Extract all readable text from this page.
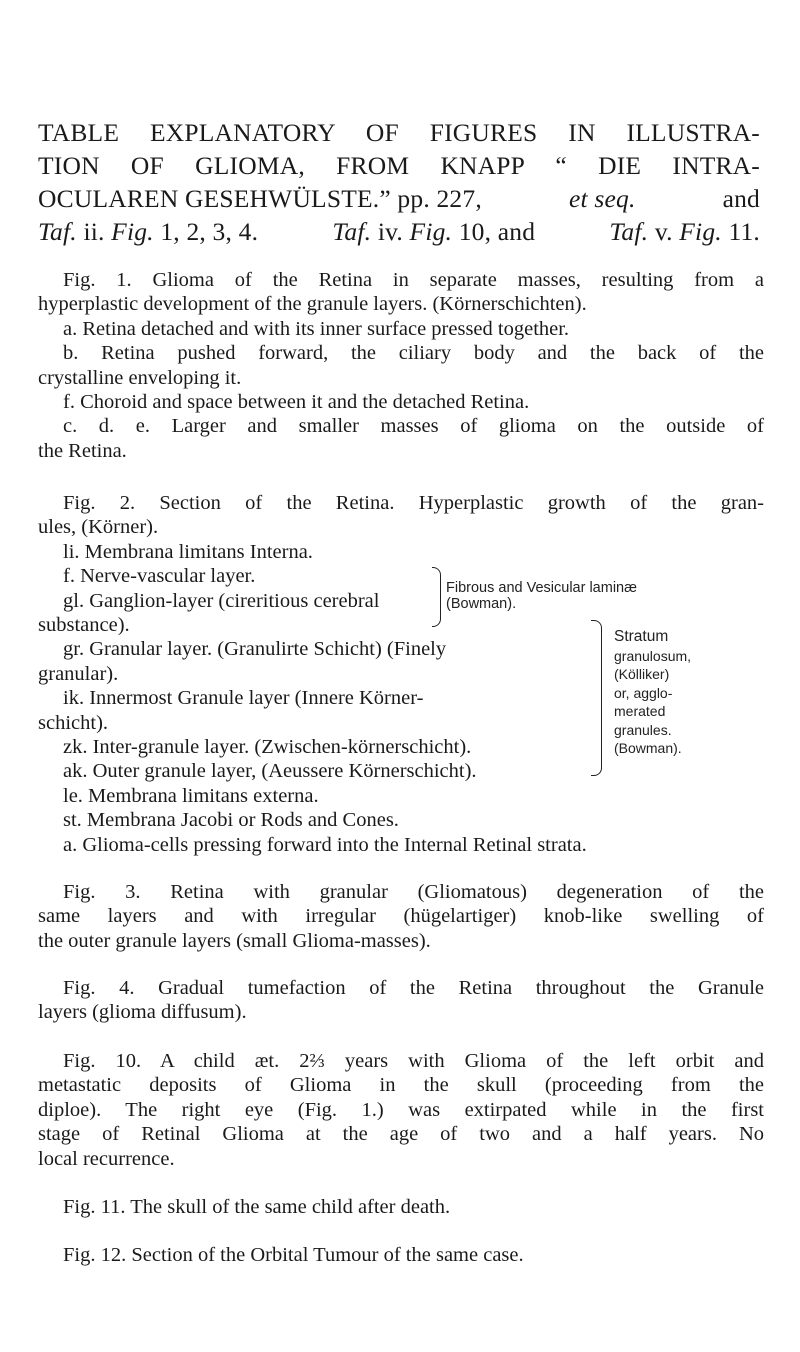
TABLE EXPLANATORY OF FIGURES IN ILLUSTRA-
TION OF GLIOMA, FROM KNAPP “ DIE INTRA-
OCULAREN GESEHWÜLSTE.” pp. 227,	et seq.	and
Taf. ii. Fig. 1, 2, 3, 4.	Taf. iv. Fig. 10, and	Taf. v. Fig. 11.
Fig. 1. Glioma of the Retina in separate masses, resulting from a
hyperplastic development of the granule layers. (Körnerschichten).
a. Retina detached and with its inner surface pressed together.
b. Retina pushed forward, the ciliary body and the back of the
crystalline enveloping it.
f. Choroid and space between it and the detached Retina.
c. d. e. Larger and smaller masses of glioma on the outside of
the Retina.
Fig. 2. Section of the Retina. Hyperplastic growth of the gran-
ules, (Körner).
li. Membrana limitans Interna.
f. Nerve-vascular layer.
gl. Ganglion-layer (cireritious cerebral
substance).
gr. Granular layer. (Granulirte Schicht) (Finely
granular).
ik. Innermost Granule layer (Innere Körner-
schicht).
zk. Inter-granule layer. (Zwischen-körnerschicht).
ak. Outer granule layer, (Aeussere Körnerschicht).
le. Membrana limitans externa.
st. Membrana Jacobi or Rods and Cones.
a. Glioma-cells pressing forward into the Internal Retinal strata.
Fibrous and Vesicular laminæ
(Bowman).
Stratum
granulosum,
(Kölliker)
or, agglo-
merated
granules.
(Bowman).
Fig. 3. Retina with granular (Gliomatous) degeneration of the
same layers and with irregular (hügelartiger) knob-like swelling of
the outer granule layers (small Glioma-masses).
Fig. 4. Gradual tumefaction of the Retina throughout the Granule
layers (glioma diffusum).
Fig. 10. A child æt. 2⅔ years with Glioma of the left orbit and
metastatic deposits of Glioma in the skull (proceeding from the
diploe). The right eye (Fig. 1.) was extirpated while in the first
stage of Retinal Glioma at the age of two and a half years. No
local recurrence.
Fig. 11. The skull of the same child after death.
Fig. 12. Section of the Orbital Tumour of the same case.
